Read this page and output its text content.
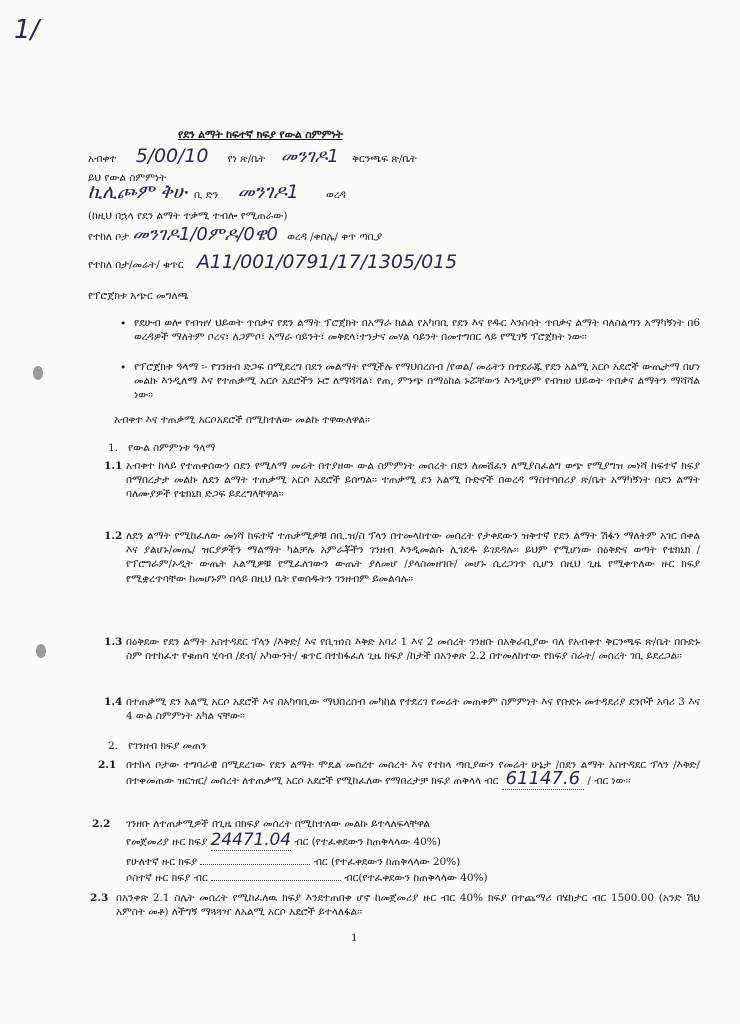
1/
የደን ልማት ከፍተኛ ክፍያ የውል ስምምነት
አብቀተ 5/00/10 የነ ጽ/ቤት መንገዶ1 ቅርንጫፍ ጽ/ቤት
ይህ የውል ስምምነት
ኪሊጮም ቅሁ ቢ ድን መንገዶ1	ወረዳ
(ከዚህ በኋላ የደን ልማት ተቃሚ ተብሎ የሚጠራው)
የተከለ ቦታ መንገዶ1/0ምዶ/0ዌ0 ወረዳ /ቀበሌ/ ቀጥ ጣቢያ
የተከለ በታ/መሬት/ ቁጥር A11/001/0791/17/1305/015
የፕሮጀክቱ አጭር መግለጫ
• የደሁብ ወሎ የብዝሃ ህይወት ጥበቃና የደን ልማት ፕሮጀክት በአማራ ክልል የአካባቢ የደን እና የዱር እንስሳት ጥበቃና ልማት ባለስልጣን አማካኝነት በ6 ወረዳዎች ማለትም ቦረና፣ ለጋምቦ፣ አማራ ሳይንት፣ መቅደላ፣ተንታና መሃል ሳይንት በመተግበር ላይ የሚገኝ ፕሮጀክት ነው፡፡
• የፕሮጀክቱ ዓላማ ፡- የገንዘብ ድጋፍ በሚደረግ በደን መልማት የሚችሉ የማህበረሰብ /የወል/ መሬትን በተደራጁ የደን አልሚ አርሶ አደሮች ውጤታማ በሆነ መልኩ እንዲለማ እና የተጠቃሚ አርሶ አደሮችን ኑሮ ለማሻሻል፣ የጠ, ምንጭ በማዕከል ኑሯቸውን እንዲሁም የብዝሀ ህይወት ጥበቃና ልማትን ማሻሻል ነው፡፡
አብቀተ እና ተጠቃሚ አርሶአደሮች በሚከተለው መልኩ ተዋውለዋል፡፡
1. የውል ስምምነቱ ዓላማ
1.1 አብቀተ ከላይ የተጠቀሰውን በደን የሚለማ መሬት በተያዘው ውል ስምምነት መሰረት በደን ለመሸፈን ለሚያስፈልግ ወጭ የሚያግዝ መነሻ ከፍተኛ ክፍያ በማበረታታ መልኩ ለደን ልማት ተጠቃሚ አርሶ አደሮች ይሰጣል፡፡ ተጠቃሚ ደን አልሚ ቡድኖች በወረዳ ማስተባበሪያ ጽ/ቤት አማካኝነት በደን ልማት ባለሙያዎች የቴክኒክ ድጋፍ ይደረግላቸዋል፡፡
1.2 ለደን ልማት የሚከፈለው መነሻ ከፍተኛ ተጠቃሚዎቹ በቢ.ዝ/ስ ፕላን በተመላከተው መሰረት የታቀደውን ዝቅተኛ የደን ልማት ሽፋን ማለትም አገር በቀል እና ያልሆኑ/መጤ/ ዝርያዎችን ማልማት ካልቻሉ አምራቾችን ገንዘብ እንዲመልሱ ሊገደዱ ይገደዳሉ፡፡ ይህም የሚሆነው በዕቅድና ወጣት የቴክኒክ /የፕሮግራም/ኦዲት ውጤት አልሚዎቹ የሚፈለገውን ውጤት ያለመሆ /ያላስመዘገቡ/ መሆኑ ሲረጋገጥ ሲሆን በዚህ ጊዜ የሚቀጥለው ዙር ክፍያ የሚቋረጥባቸው ከመሆኑም በላይ በዚህ ቤት የወሰዱትን ገንዘብም ይመልሳሉ፡፡
1.3 በዕቅደው የደን ልማት አስተዳደር ፕላን /እቅድ/ እና የቢዝነስ እቅድ አባሪ 1 እና 2 መሰረት ገንዘቡ በአቅራቢያው ባለ የአብቀተ ቅርንጫፍ ጽ/ቤት በቡድኑ ስም በተከፈተ የቁጠባ ሂሳብ /ደብ/ አካውንት/ ቁጥር በተከፋፈለ ጊዜ ክፍያ /ከታች በአንቀጽ 2.2 በተመለከተው የክፍያ ስራት/ መሰረት ገቢ ይደረጋል፡፡
1.4 በተጠቃሚ ደን አልሚ አርሶ አደሮች እና በአካባቢው ማህበረሰብ መካከል የተደረገ የመሬት መጠቀም ስምምነት እና የቡድኑ መተዳደሪያ ደንቦች አባሪ 3 እና 4 ውል ስምምነት አካል ናቸው፡፡
2. የገንዘብ ክፍያ መጠን
2.1 በተከላ ቦታው ተግባራዊ በሚደረገው የደን ልማት ሞዴል መሰረተ መሰረት እና የተከላ ጣቢያውን የመሬት ሁኔታ /በደን ልማት አስተዳደር ፕላን /እቅድ/ በተቀመጠው ዝርዝር/ መሰረት ለተጠቃሚ አርሶ አደሮች የሚከፈለው የማበረታቻ ክፍያ ጠቅላላ ብር 61147.6 / ብር ነው፡፡
2.2 ገንዘቡ ለተጠቃሚዎች በጊዜ በክፍያ መሰረት በሚከተለው መልኩ ይተላለፍላቸዋል
የመጀመሪያ ዙር ክፍያ 24471.04 ብር (የተፈቀደውን ከጠቅላላው 40%)
የሁለተኛ ዙር ክፍያ	ብር (የተፈቀደውን ከጠቅላላው 20%)
ሶስተኛ ዙር ክፍያ ብር	ብር(የተፈቀደውን ከጠቅላላው 40%)
2.3 በአንቀጽ 2.1 ስሌት መሰረት የሚከፈለዉ ክፍያ እንደተጠበቀ ሆኖ ከመጀመሪያ ዙር ብር 40% ክፍያ በተጨማሪ በሄክታር ብር 1500.00 (አንድ ሽህ አምስት መቶ) ለችግኝ ማጓጓዣ ለአልሚ አርሶ አደሮች ይተላለፋል፡፡
1
